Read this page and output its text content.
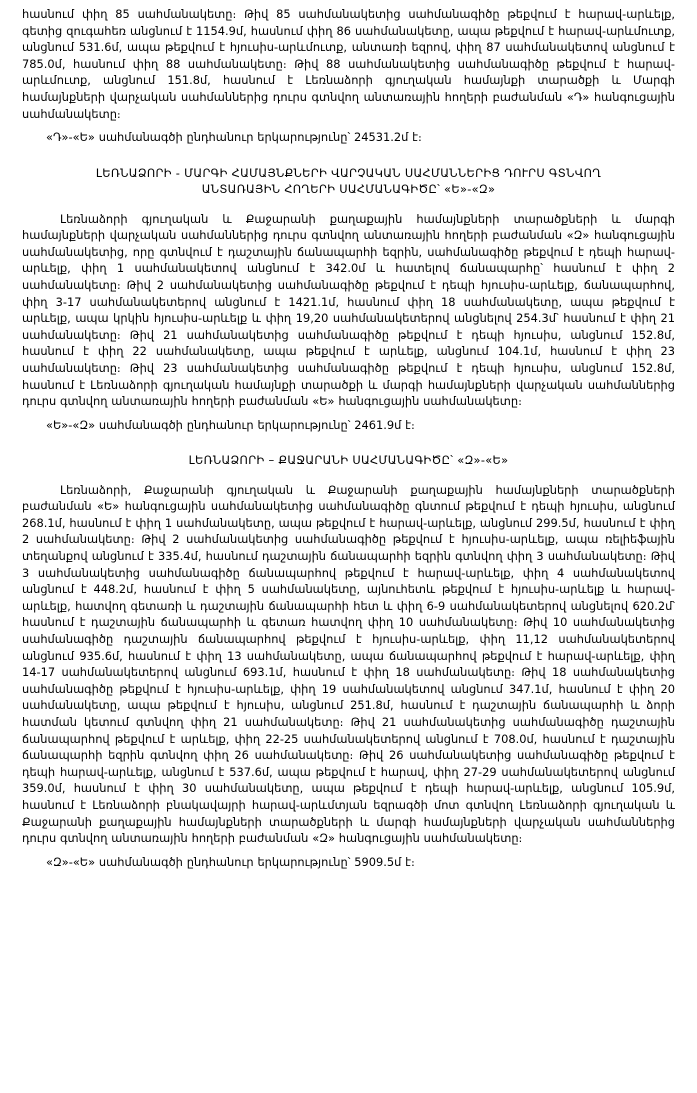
հասնում փիղ 85 սահմանակետը։ Թիվ 85 սահմանակետից սահմանագիծը թեքվում է հարավ-արևելք, գետից զուգահեռ անցնում է 1154.9մ, հասնում փիղ 86 սահմանակետը, ապա թեքվում է հարավ-արևմուտք, անցնում 531.6մ, ապա թեքվում է հյուսիս-արևմուտք, անտառի եզրով, փիղ 87 սահմանակետով անցնում է 785.0մ, հասնում փիղ 88 սահմանակետը։ Թիվ 88 սահմանակետից սահմանագիծը թեքվում է հարավ-արևմուտք, անցնում 151.8մ, հասնում է Լեռնաձորի գյուղական համայնքի տարածքի և Մարգի համայնքների վարչական սահմաններից դուրս գտնվող անտառային հողերի բաժանման «Դ» հանգուցային սահմանակետը։

«Դ»-«Ե» սահմանագծի ընդհանուր երկարությունը՝ 24531.2մ է։

ԼԵՌՆԱՁՈՐԻ - ՄԱՐԳԻ ՀԱՄԱՅՆՔՆԵՐԻ ՎԱՐՉԱԿԱՆ ՍԱՀՄԱՆՆԵՐԻՑ ԴՈՒՐՍ ԳՏՆՎՈՂ
ԱՆՏԱՌԱՅԻՆ ՀՈՂԵՐԻ ՍԱՀՄԱՆԱԳԻԾԸ՝ «Ե»-«Զ»

Լեռնաձորի գյուղական և Քաջարանի քաղաքային համայնքների տարածքների և մարգի համայնքների վարչական սահմաններից դուրս գտնվող անտառային հողերի բաժանման «Զ» հանգուցային սահմանակետից, որը գտնվում է դաշտային ճանապարհի եզրին, սահմանագիծը թեքվում է դեպի հարավ-արևելք, փիղ 1 սահմանակետով անցնում է 342.0մ և հատելով ճանապարհը՝ հասնում է փիղ 2 սահմանակետը։ Թիվ 2 սահմանակետից սահմանագիծը թեքվում է դեպի հյուսիս-արևելք, ճանապարհով, փիղ 3-17 սահմանակետերով անցնում է 1421.1մ, հասնում փիղ 18 սահմանակետը, ապա թեքվում է արևելք, ապա կրկին հյուսիս-արևելք և փիղ 19,20 սահմանակետերով անցնելով 254.3մ՝ հասնում է փիղ 21 սահմանակետը։ Թիվ 21 սահմանակետից սահմանագիծը թեքվում է դեպի հյուսիս, անցնում 152.8մ, հասնում է փիղ 22 սահմանակետը, ապա թեքվում է արևելք, անցնում 104.1մ, հասնում է փիղ 23 սահմանակետը։ Թիվ 23 սահմանակետից սահմանագիծը թեքվում է դեպի հյուսիս, անցնում 152.8մ, հասնում է Լեռնաձորի գյուղական համայնքի տարածքի և մարգի համայնքների վարչական սահմաններից դուրս գտնվող անտառային հողերի բաժանման «Ե» հանգուցային սահմանակետը։

«Ե»-«Զ» սահմանագծի ընդհանուր երկարությունը՝ 2461.9մ է։

ԼԵՌՆԱՁՈՐԻ – ՔԱՋԱՐԱՆԻ ՍԱՀՄԱՆԱԳԻԾԸ՝ «Զ»-«Ե»

Լեռնաձորի, Քաջարանի գյուղական և Քաջարանի քաղաքային համայնքների տարածքների բաժանման «Ե» հանգուցային սահմանակետից սահմանագիծը գնտում թեքվում է դեպի հյուսիս, անցնում 268.1մ, հասնում է փիղ 1 սահմանակետը, ապա թեքվում է հարավ-արևելք, անցնում 299.5մ, հասնում է փիղ 2 սահմանակետը։ Թիվ 2 սահմանակետից սահմանագիծը թեքվում է հյուսիս-արևելք, ապա ռելիեֆային տեղանքով անցնում է 335.4մ, հասնում դաշտային ճանապարհի եզրին գտնվող փիղ 3 սահմանակետը։ Թիվ 3 սահմանակետից սահմանագիծը ճանապարհով թեքվում է հարավ-արևելք, փիղ 4 սահմանակետով անցնում է 448.2մ, հասնում է փիղ 5 սահմանակետը, այնուհետև թեքվում է հյուսիս-արևելք և հարավ-արևելք, հատվող գետառի և դաշտային ճանապարհի հետ և փիղ 6-9 սահմանակետերով անցնելով 620.2մ՝ հասնում է դաշտային ճանապարհի և գետառ հատվող փիղ 10 սահմանակետը։ Թիվ 10 սահմանակետից սահմանագիծը դաշտային ճանապարհով թեքվում է հյուսիս-արևելք, փիղ 11,12 սահմանակետերով անցնում 935.6մ, հասնում է փիղ 13 սահմանակետը, ապա ճանապարհով թեքվում է հարավ-արևելք, փիղ 14-17 սահմանակետերով անցնում 693.1մ, հասնում է փիղ 18 սահմանակետը։ Թիվ 18 սահմանակետից սահմանագիծը թեքվում է հյուսիս-արևելք, փիղ 19 սահմանակետով անցնում 347.1մ, հասնում է փիղ 20 սահմանակետը, ապա թեքվում է հյուսիս, անցնում 251.8մ, հասնում է դաշտային ճանապարհի և ձորի հատման կետում գտնվող փիղ 21 սահմանակետը։ Թիվ 21 սահմանակետից սահմանագիծը դաշտային ճանապարհով թեքվում է արևելք, փիղ 22-25 սահմանակետերով անցնում է 708.0մ, հասնում է դաշտային ճանապարհի եզրին գտնվող փիղ 26 սահմանակետը։ Թիվ 26 սահմանակետից սահմանագիծը թեքվում է դեպի հարավ-արևելք, անցնում է 537.6մ, ապա թեքվում է հարավ, փիղ 27-29 սահմանակետերով անցնում 359.0մ, հասնում է փիղ 30 սահմանակետը, ապա թեքվում է դեպի հարավ-արևելք, անցնում 105.9մ, հասնում է Լեռնաձորի բնակավայրի հարավ-արևմտյան եզրագծի մոտ գտնվող Լեռնաձորի գյուղական և Քաջարանի քաղաքային համայնքների տարածքների և մարգի համայնքների վարչական սահմաններից դուրս գտնվող անտառային հողերի բաժանման «Զ» հանգուցային սահմանակետը։

«Զ»-«Ե» սահմանագծի ընդհանուր երկարությունը՝ 5909.5մ է։
